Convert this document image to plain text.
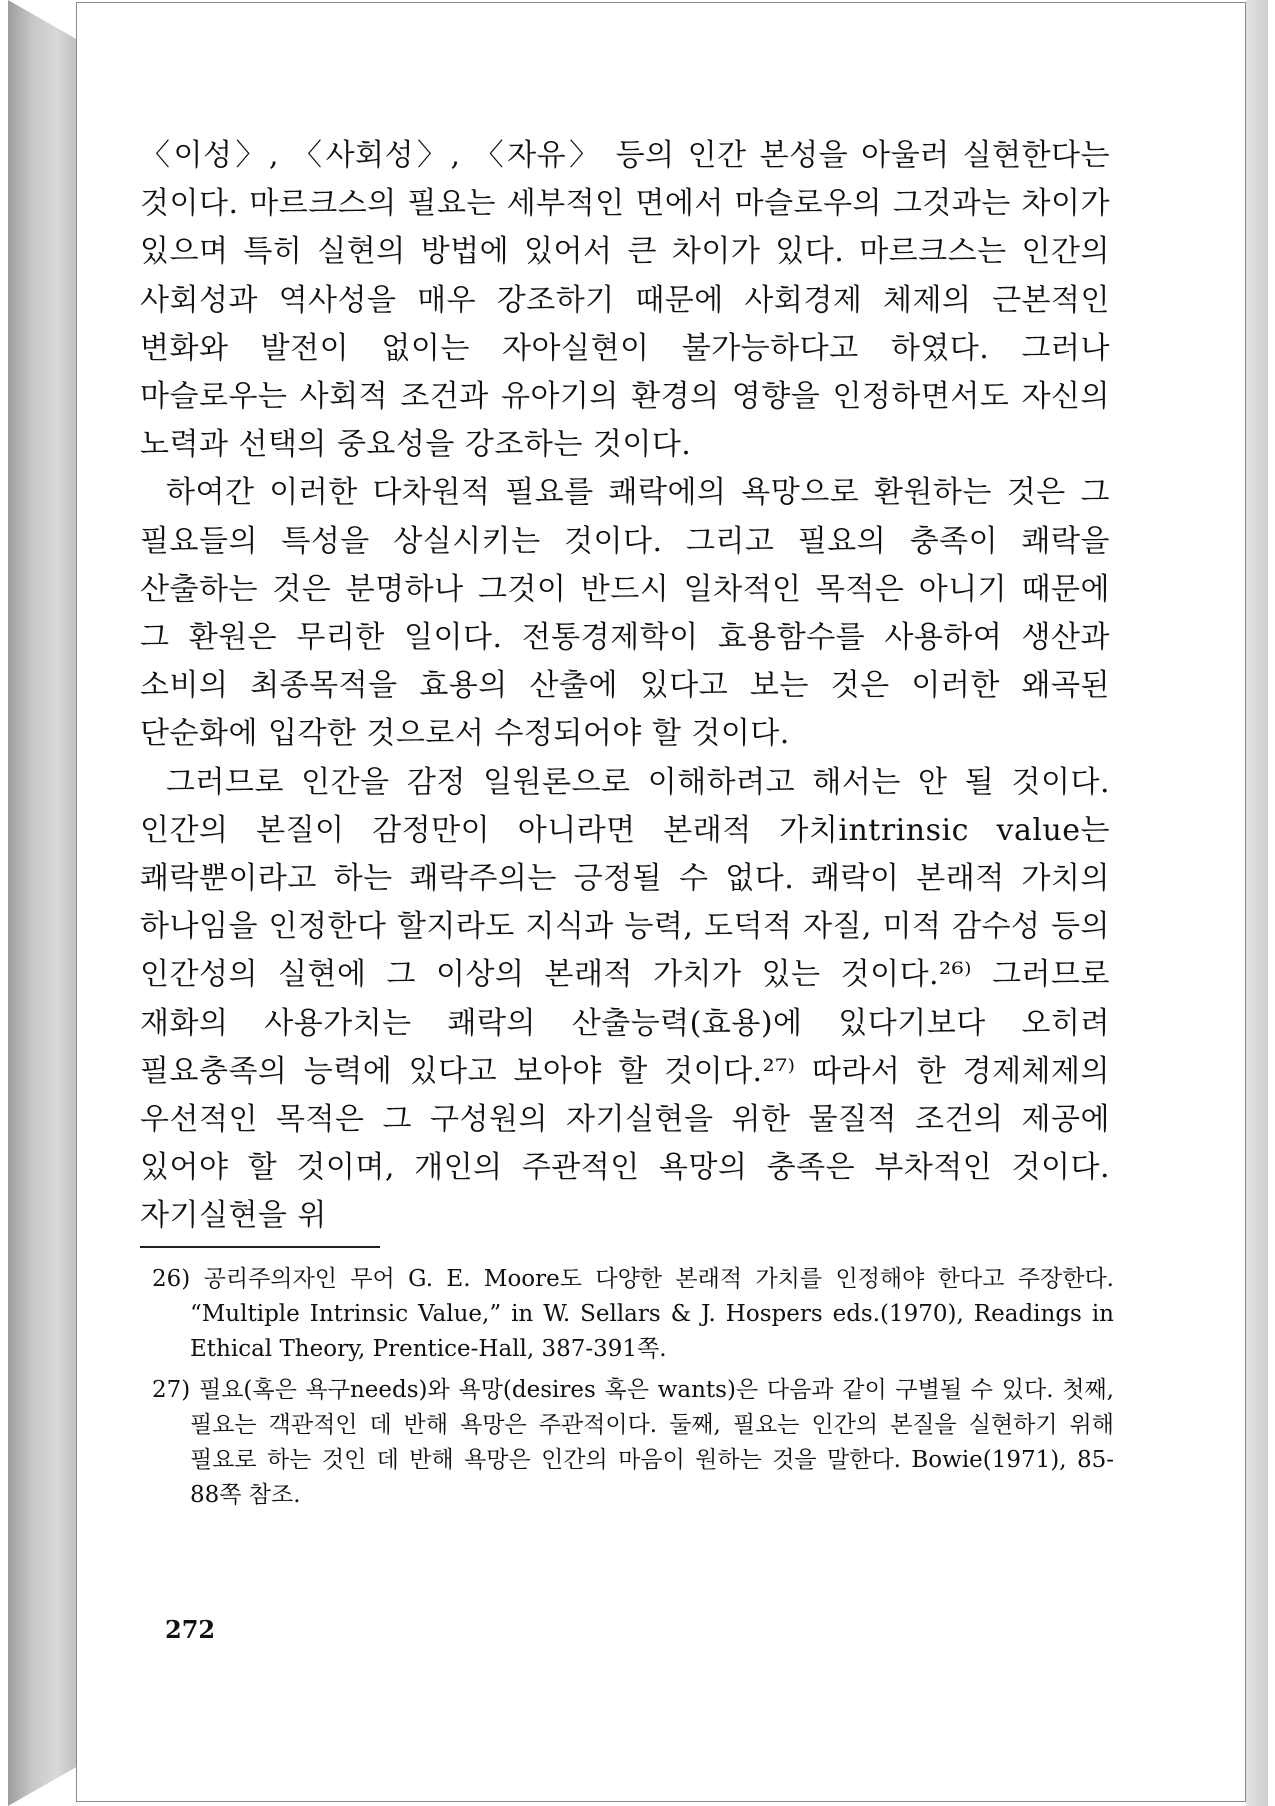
〈이성〉, 〈사회성〉, 〈자유〉 등의 인간 본성을 아울러 실현한다는 것이다. 마르크스의 필요는 세부적인 면에서 마슬로우의 그것과는 차이가 있으며 특히 실현의 방법에 있어서 큰 차이가 있다. 마르크스는 인간의 사회성과 역사성을 매우 강조하기 때문에 사회경제 체제의 근본적인 변화와 발전이 없이는 자아실현이 불가능하다고 하였다. 그러나 마슬로우는 사회적 조건과 유아기의 환경의 영향을 인정하면서도 자신의 노력과 선택의 중요성을 강조하는 것이다.

하여간 이러한 다차원적 필요를 쾌락에의 욕망으로 환원하는 것은 그 필요들의 특성을 상실시키는 것이다. 그리고 필요의 충족이 쾌락을 산출하는 것은 분명하나 그것이 반드시 일차적인 목적은 아니기 때문에 그 환원은 무리한 일이다. 전통경제학이 효용함수를 사용하여 생산과 소비의 최종목적을 효용의 산출에 있다고 보는 것은 이러한 왜곡된 단순화에 입각한 것으로서 수정되어야 할 것이다.

그러므로 인간을 감정 일원론으로 이해하려고 해서는 안 될 것이다. 인간의 본질이 감정만이 아니라면 본래적 가치intrinsic value는 쾌락뿐이라고 하는 쾌락주의는 긍정될 수 없다. 쾌락이 본래적 가치의 하나임을 인정한다 할지라도 지식과 능력, 도덕적 자질, 미적 감수성 등의 인간성의 실현에 그 이상의 본래적 가치가 있는 것이다.²⁶⁾ 그러므로 재화의 사용가치는 쾌락의 산출능력(효용)에 있다기보다 오히려 필요충족의 능력에 있다고 보아야 할 것이다.²⁷⁾ 따라서 한 경제체제의 우선적인 목적은 그 구성원의 자기실현을 위한 물질적 조건의 제공에 있어야 할 것이며, 개인의 주관적인 욕망의 충족은 부차적인 것이다. 자기실현을 위

26) 공리주의자인 무어 G. E. Moore도 다양한 본래적 가치를 인정해야 한다고 주장한다. “Multiple Intrinsic Value,” in W. Sellars & J. Hospers eds.(1970), Readings in Ethical Theory, Prentice-Hall, 387-391쪽.

27) 필요(혹은 욕구needs)와 욕망(desires 혹은 wants)은 다음과 같이 구별될 수 있다. 첫째, 필요는 객관적인 데 반해 욕망은 주관적이다. 둘째, 필요는 인간의 본질을 실현하기 위해 필요로 하는 것인 데 반해 욕망은 인간의 마음이 원하는 것을 말한다. Bowie(1971), 85-88쪽 참조.

272
